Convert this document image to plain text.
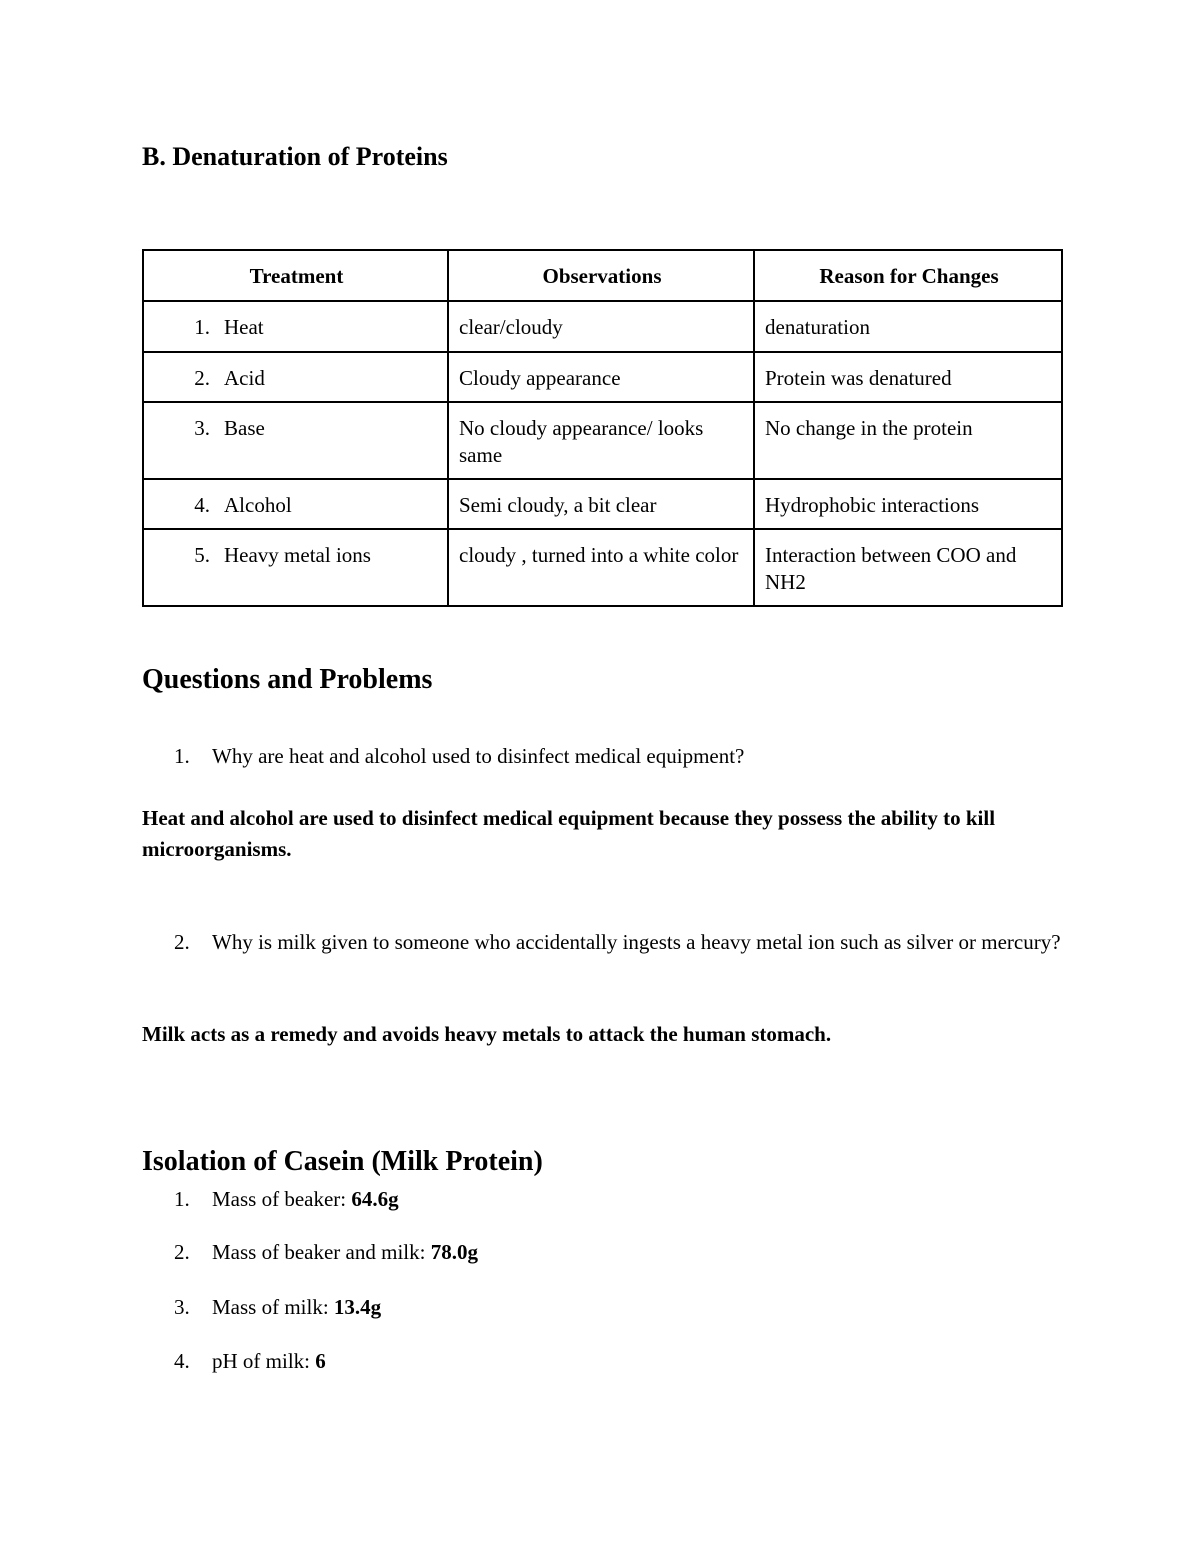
B. Denaturation of Proteins
Treatment	Observations	Reason for Changes
1. Heat	clear/cloudy	denaturation
2. Acid	Cloudy appearance	Protein was denatured
3. Base	No cloudy appearance/ looks same	No change in the protein
4. Alcohol	Semi cloudy, a bit clear	Hydrophobic interactions
5. Heavy metal ions	cloudy , turned into a white color	Interaction between COO and NH2
Questions and Problems
1. Why are heat and alcohol used to disinfect medical equipment?

Heat and alcohol are used to disinfect medical equipment because they possess the ability to kill microorganisms.

2. Why is milk given to someone who accidentally ingests a heavy metal ion such as silver or mercury?

Milk acts as a remedy and avoids heavy metals to attack the human stomach.

Isolation of Casein (Milk Protein)
1. Mass of beaker: 64.6g
2. Mass of beaker and milk: 78.0g
3. Mass of milk: 13.4g
4. pH of milk: 6
